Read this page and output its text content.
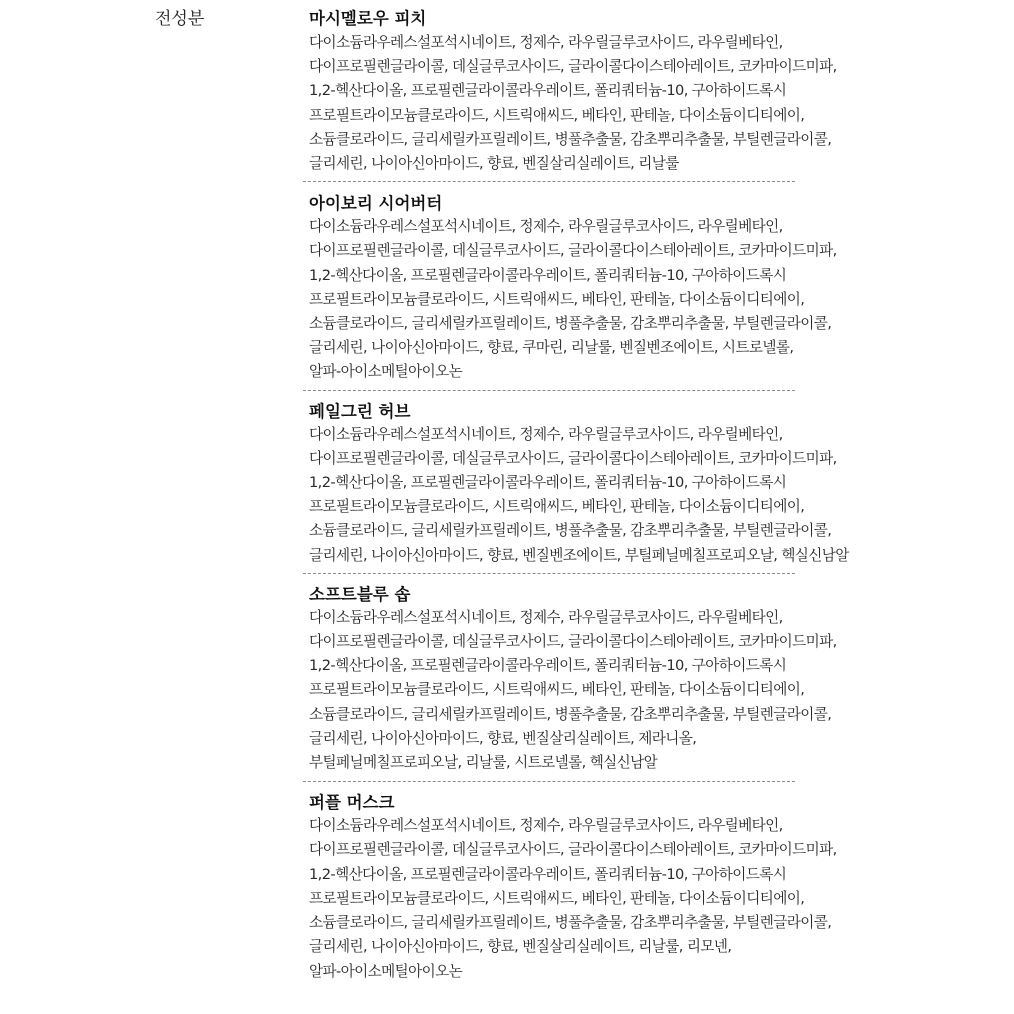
전성분	마시멜로우 피치
다이소듐라우레스설포석시네이트, 정제수, 라우릴글루코사이드, 라우릴베타인,
다이프로필렌글라이콜, 데실글루코사이드, 글라이콜다이스테아레이트, 코카마이드미파,
1,2-헥산다이올, 프로필렌글라이콜라우레이트, 폴리쿼터늄-10, 구아하이드록시
프로필트라이모늄클로라이드, 시트릭애씨드, 베타인, 판테놀, 다이소듐이디티에이,
소듐클로라이드, 글리세릴카프릴레이트, 병풀추출물, 감초뿌리추출물, 부틸렌글라이콜,
글리세린, 나이아신아마이드, 향료, 벤질살리실레이트, 리날룰
아이보리 시어버터
다이소듐라우레스설포석시네이트, 정제수, 라우릴글루코사이드, 라우릴베타인,
다이프로필렌글라이콜, 데실글루코사이드, 글라이콜다이스테아레이트, 코카마이드미파,
1,2-헥산다이올, 프로필렌글라이콜라우레이트, 폴리쿼터늄-10, 구아하이드록시
프로필트라이모늄클로라이드, 시트릭애씨드, 베타인, 판테놀, 다이소듐이디티에이,
소듐클로라이드, 글리세릴카프릴레이트, 병풀추출물, 감초뿌리추출물, 부틸렌글라이콜,
글리세린, 나이아신아마이드, 향료, 쿠마린, 리날룰, 벤질벤조에이트, 시트로넬롤,
알파-아이소메틸아이오논
페일그린 허브
다이소듐라우레스설포석시네이트, 정제수, 라우릴글루코사이드, 라우릴베타인,
다이프로필렌글라이콜, 데실글루코사이드, 글라이콜다이스테아레이트, 코카마이드미파,
1,2-헥산다이올, 프로필렌글라이콜라우레이트, 폴리쿼터늄-10, 구아하이드록시
프로필트라이모늄클로라이드, 시트릭애씨드, 베타인, 판테놀, 다이소듐이디티에이,
소듐클로라이드, 글리세릴카프릴레이트, 병풀추출물, 감초뿌리추출물, 부틸렌글라이콜,
글리세린, 나이아신아마이드, 향료, 벤질벤조에이트, 부틸페닐메칠프로피오날, 헥실신남알
소프트블루 솝
다이소듐라우레스설포석시네이트, 정제수, 라우릴글루코사이드, 라우릴베타인,
다이프로필렌글라이콜, 데실글루코사이드, 글라이콜다이스테아레이트, 코카마이드미파,
1,2-헥산다이올, 프로필렌글라이콜라우레이트, 폴리쿼터늄-10, 구아하이드록시
프로필트라이모늄클로라이드, 시트릭애씨드, 베타인, 판테놀, 다이소듐이디티에이,
소듐클로라이드, 글리세릴카프릴레이트, 병풀추출물, 감초뿌리추출물, 부틸렌글라이콜,
글리세린, 나이아신아마이드, 향료, 벤질살리실레이트, 제라니올,
부틸페닐메칠프로피오날, 리날룰, 시트로넬롤, 헥실신남알
퍼플 머스크
다이소듐라우레스설포석시네이트, 정제수, 라우릴글루코사이드, 라우릴베타인,
다이프로필렌글라이콜, 데실글루코사이드, 글라이콜다이스테아레이트, 코카마이드미파,
1,2-헥산다이올, 프로필렌글라이콜라우레이트, 폴리쿼터늄-10, 구아하이드록시
프로필트라이모늄클로라이드, 시트릭애씨드, 베타인, 판테놀, 다이소듐이디티에이,
소듐클로라이드, 글리세릴카프릴레이트, 병풀추출물, 감초뿌리추출물, 부틸렌글라이콜,
글리세린, 나이아신아마이드, 향료, 벤질살리실레이트, 리날룰, 리모넨,
알파-아이소메틸아이오논
